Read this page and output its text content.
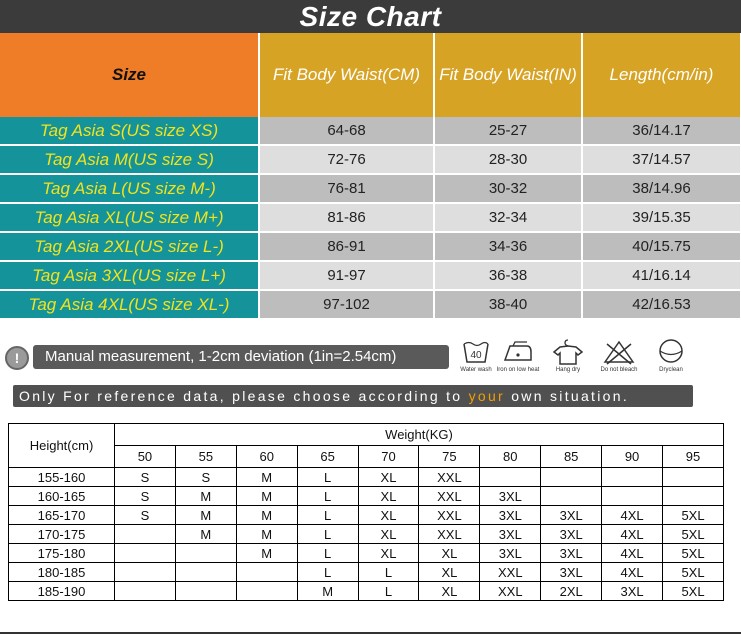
Size Chart
Size	Fit Body Waist(CM)	Fit Body Waist(IN)	Length(cm/in)
Tag Asia S(US size XS)	64-68	25-27	36/14.17
Tag Asia M(US size S)	72-76	28-30	37/14.57
Tag Asia L(US size M-)	76-81	30-32	38/14.96
Tag Asia XL(US size M+)	81-86	32-34	39/15.35
Tag Asia 2XL(US size L-)	86-91	34-36	40/15.75
Tag Asia 3XL(US size L+)	91-97	36-38	41/16.14
Tag Asia 4XL(US size XL-)	97-102	38-40	42/16.53
!	Manual measurement, 1-2cm deviation (1in=2.54cm)	40
Water wash Iron on low heat	Hang dry	Do not bleach	Dryclean
Only For reference data, please choose according to your own situation.
Height(cm)	Weight(KG)									
	50	55	60	65	70	75	80	85	90	95
155-160	S	S	M	L	XL	XXL				
160-165	S	M	M	L	XL	XXL	3XL			
165-170	S	M	M	L	XL	XXL	3XL	3XL	4XL	5XL
170-175		M	M	L	XL	XXL	3XL	3XL	4XL	5XL
175-180			M	L	XL	XL	3XL	3XL	4XL	5XL
180-185				L	L	XL	XXL	3XL	4XL	5XL
185-190				M	L	XL	XXL	2XL	3XL	5XL
